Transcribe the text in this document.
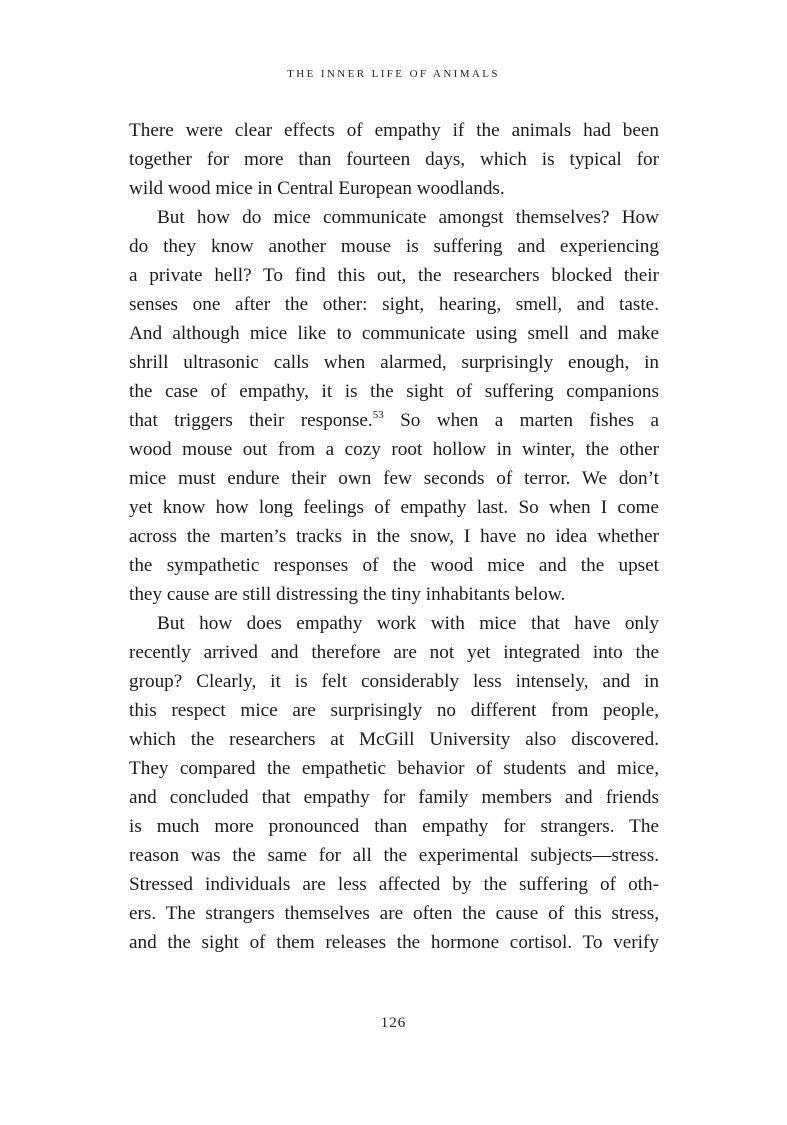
THE INNER LIFE OF ANIMALS
There were clear effects of empathy if the animals had been
together for more than fourteen days, which is typical for
wild wood mice in Central European woodlands.
But how do mice communicate amongst themselves? How
do they know another mouse is suffering and experiencing
a private hell? To find this out, the researchers blocked their
senses one after the other: sight, hearing, smell, and taste.
And although mice like to communicate using smell and make
shrill ultrasonic calls when alarmed, surprisingly enough, in
the case of empathy, it is the sight of suffering companions
that triggers their response.$^{53}$ So when a marten fishes a
wood mouse out from a cozy root hollow in winter, the other
mice must endure their own few seconds of terror. We don’t
yet know how long feelings of empathy last. So when I come
across the marten’s tracks in the snow, I have no idea whether
the sympathetic responses of the wood mice and the upset
they cause are still distressing the tiny inhabitants below.
But how does empathy work with mice that have only
recently arrived and therefore are not yet integrated into the
group? Clearly, it is felt considerably less intensely, and in
this respect mice are surprisingly no different from people,
which the researchers at McGill University also discovered.
They compared the empathetic behavior of students and mice,
and concluded that empathy for family members and friends
is much more pronounced than empathy for strangers. The
reason was the same for all the experimental subjects—stress.
Stressed individuals are less affected by the suffering of oth-
ers. The strangers themselves are often the cause of this stress,
and the sight of them releases the hormone cortisol. To verify
126
